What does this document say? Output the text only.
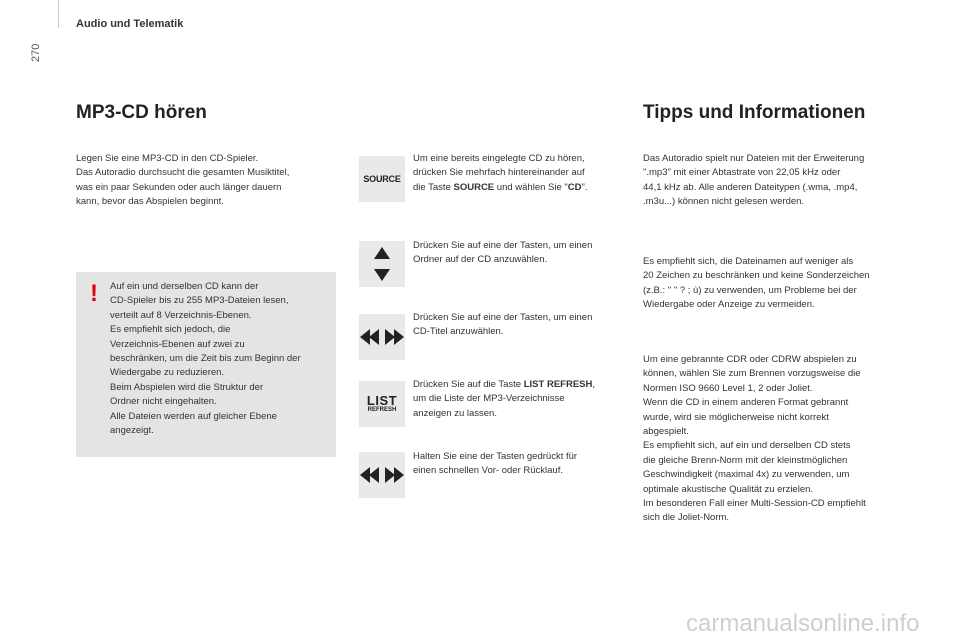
Audio und Telematik
270
MP3-CD hören
Legen Sie eine MP3-CD in den CD-Spieler.
Das Autoradio durchsucht die gesamten Musiktitel,
was ein paar Sekunden oder auch länger dauern
kann, bevor das Abspielen beginnt.
!	Auf ein und derselben CD kann der
CD-Spieler bis zu 255 MP3-Dateien lesen,
verteilt auf 8 Verzeichnis-Ebenen.
Es empfiehlt sich jedoch, die
Verzeichnis-Ebenen auf zwei zu
beschränken, um die Zeit bis zum Beginn der
Wiedergabe zu reduzieren.
Beim Abspielen wird die Struktur der
Ordner nicht eingehalten.
Alle Dateien werden auf gleicher Ebene
angezeigt.
SOURCE
Um eine bereits eingelegte CD zu hören,
drücken Sie mehrfach hintereinander auf
die Taste SOURCE und wählen Sie "CD".
Drücken Sie auf eine der Tasten, um einen
Ordner auf der CD anzuwählen.
Drücken Sie auf eine der Tasten, um einen
CD-Titel anzuwählen.
LIST
REFRESH
Drücken Sie auf die Taste LIST REFRESH,
um die Liste der MP3-Verzeichnisse
anzeigen zu lassen.
Halten Sie eine der Tasten gedrückt für
einen schnellen Vor- oder Rücklauf.
Tipps und Informationen
Das Autoradio spielt nur Dateien mit der Erweiterung
".mp3" mit einer Abtastrate von 22,05 kHz oder
44,1 kHz ab. Alle anderen Dateitypen (.wma, .mp4,
.m3u...) können nicht gelesen werden.
Es empfiehlt sich, die Dateinamen auf weniger als
20 Zeichen zu beschränken und keine Sonderzeichen
(z.B.: " " ? ; ù) zu verwenden, um Probleme bei der
Wiedergabe oder Anzeige zu vermeiden.
Um eine gebrannte CDR oder CDRW abspielen zu
können, wählen Sie zum Brennen vorzugsweise die
Normen ISO 9660 Level 1, 2 oder Joliet.
Wenn die CD in einem anderen Format gebrannt
wurde, wird sie möglicherweise nicht korrekt
abgespielt.
Es empfiehlt sich, auf ein und derselben CD stets
die gleiche Brenn-Norm mit der kleinstmöglichen
Geschwindigkeit (maximal 4x) zu verwenden, um
optimale akustische Qualität zu erzielen.
Im besonderen Fall einer Multi-Session-CD empfiehlt
sich die Joliet-Norm.
carmanualsonline.info
